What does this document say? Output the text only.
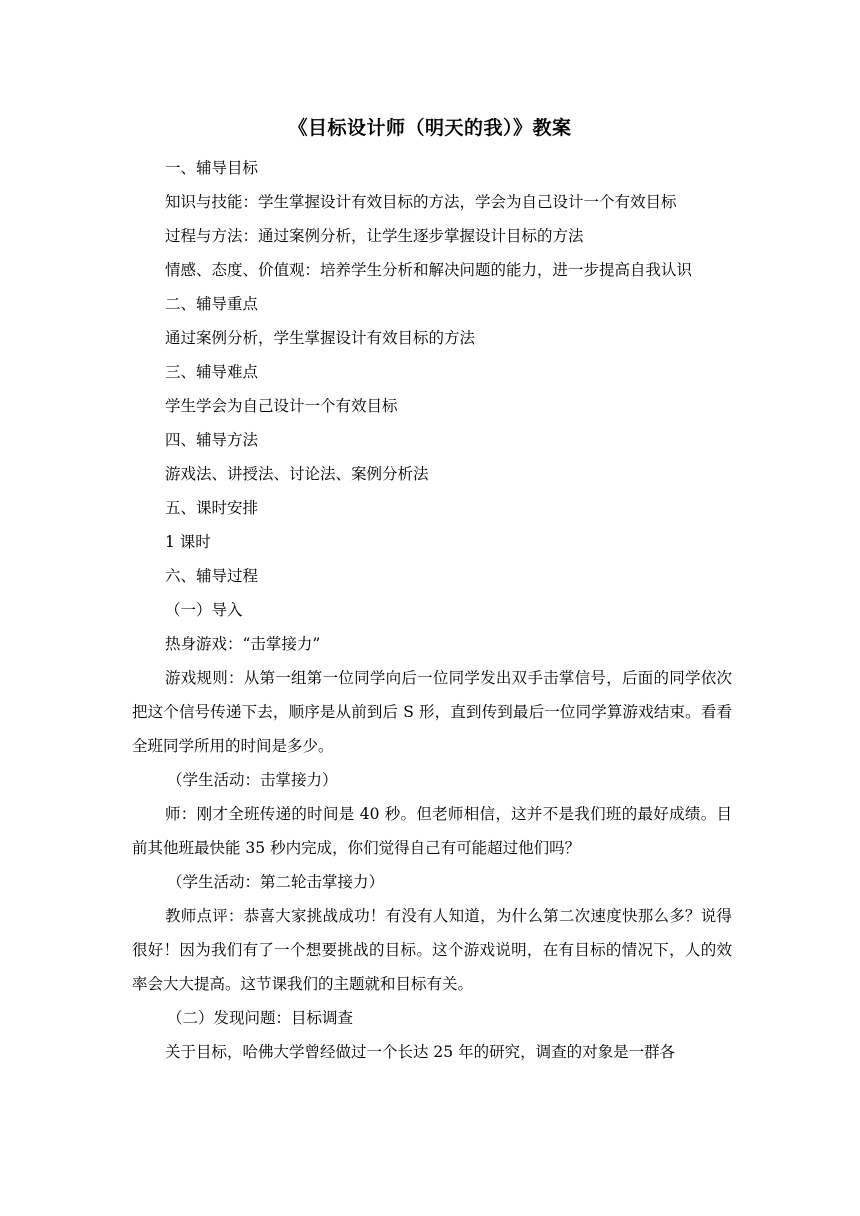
《目标设计师（明天的我）》教案

一、辅导目标

知识与技能：学生掌握设计有效目标的方法，学会为自己设计一个有效目标

过程与方法：通过案例分析，让学生逐步掌握设计目标的方法

情感、态度、价值观：培养学生分析和解决问题的能力，进一步提高自我认识

二、辅导重点

通过案例分析，学生掌握设计有效目标的方法

三、辅导难点

学生学会为自己设计一个有效目标

四、辅导方法

游戏法、讲授法、讨论法、案例分析法

五、课时安排

1 课时

六、辅导过程

（一）导入

热身游戏：“击掌接力”

游戏规则：从第一组第一位同学向后一位同学发出双手击掌信号，后面的同学依次把这个信号传递下去，顺序是从前到后 S 形，直到传到最后一位同学算游戏结束。看看全班同学所用的时间是多少。

（学生活动：击掌接力）

师：刚才全班传递的时间是 40 秒。但老师相信，这并不是我们班的最好成绩。目前其他班最快能 35 秒内完成，你们觉得自己有可能超过他们吗？

（学生活动：第二轮击掌接力）

教师点评：恭喜大家挑战成功！有没有人知道，为什么第二次速度快那么多？说得很好！因为我们有了一个想要挑战的目标。这个游戏说明，在有目标的情况下，人的效率会大大提高。这节课我们的主题就和目标有关。

（二）发现问题：目标调查

关于目标，哈佛大学曾经做过一个长达 25 年的研究，调查的对象是一群各
